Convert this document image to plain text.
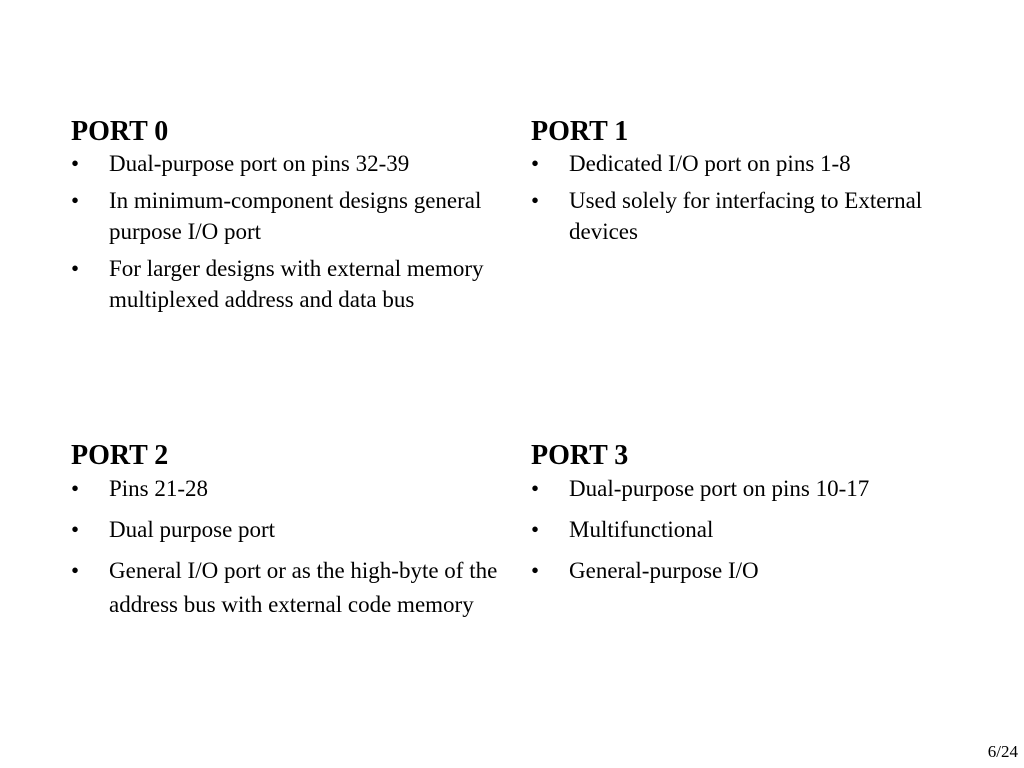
PORT 0
• Dual-purpose port on pins 32-39
• In minimum-component designs general purpose I/O port
• For larger designs with external memory multiplexed address and data bus
PORT 1
• Dedicated I/O port on pins 1-8
• Used solely for interfacing to External devices
PORT 2
• Pins 21-28
• Dual purpose port
• General I/O port or as the high-byte of the address bus with external code memory
PORT 3
• Dual-purpose port on pins 10-17
• Multifunctional
• General-purpose I/O
6/24
